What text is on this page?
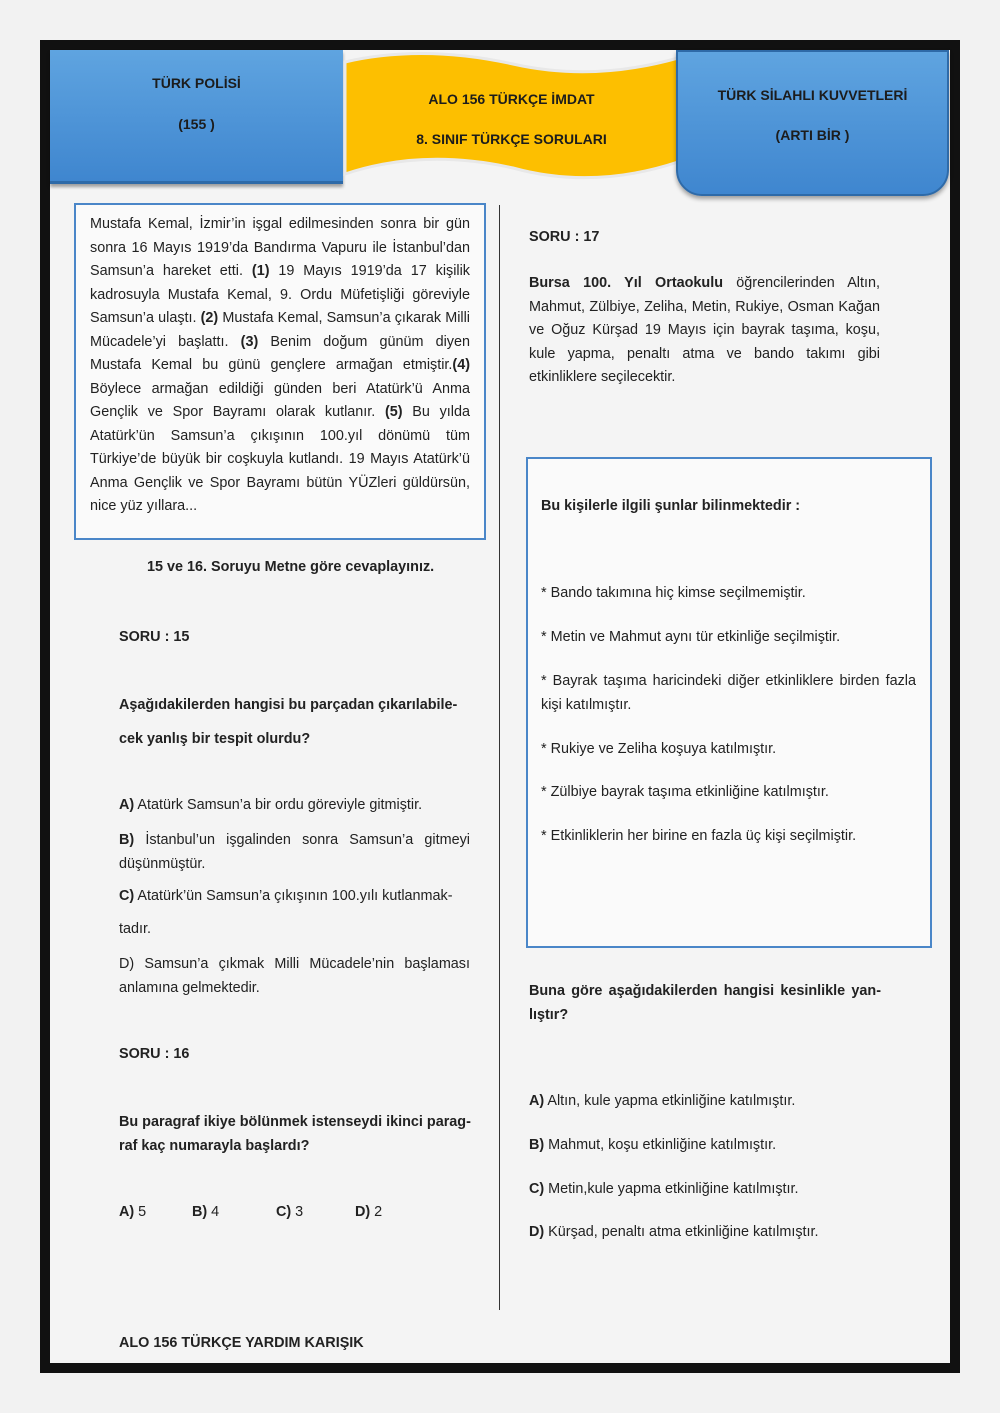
TÜRK POLİSİ
(155 )
ALO 156 TÜRKÇE İMDAT
8. SINIF TÜRKÇE SORULARI
TÜRK SİLAHLI KUVVETLERİ
(ARTI BİR )
Mustafa Kemal, İzmir’in işgal edilmesinden sonra bir gün sonra 16 Mayıs 1919’da Bandırma Vapuru ile İstanbul’dan Samsun’a hareket etti. (1) 19 Mayıs 1919’da 17 kişilik kadrosuyla Mustafa Kemal, 9. Ordu Müfetişliği göreviyle Samsun’a ulaştı. (2) Mustafa Kemal, Samsun’a çıkarak Milli Mücadele’yi başlattı. (3) Benim doğum günüm diyen Mustafa Kemal bu günü gençlere armağan etmiştir.(4) Böylece armağan edildiği günden beri Atatürk’ü Anma Gençlik ve Spor Bayramı olarak kutlanır. (5) Bu yılda Atatürk’ün Samsun’a çıkışının 100.yıl dönümü tüm Türkiye’de büyük bir coşkuyla kutlandı. 19 Mayıs Atatürk’ü Anma Gençlik ve Spor Bayramı bütün YÜZleri güldürsün, nice yüz yıllara...
15 ve 16. Soruyu Metne göre cevaplayınız.
SORU : 15
Aşağıdakilerden hangisi bu parçadan çıkarılabile-
cek yanlış bir tespit olurdu?
A) Atatürk Samsun’a bir ordu göreviyle gitmiştir.
B) İstanbul’un işgalinden sonra Samsun’a gitmeyi düşünmüştür.
C) Atatürk’ün Samsun’a çıkışının 100.yılı kutlanmak-
tadır.
D) Samsun’a çıkmak Milli Mücadele’nin başlaması anlamına gelmektedir.
SORU : 16
Bu paragraf ikiye bölünmek istenseydi ikinci parag-raf kaç numarayla başlardı?
A) 5	B) 4	C) 3	D) 2
SORU : 17
Bursa 100. Yıl Ortaokulu öğrencilerinden Altın, Mahmut, Zülbiye, Zeliha, Metin, Rukiye, Osman Kağan ve Oğuz Kürşad 19 Mayıs için bayrak taşıma, koşu, kule yapma, penaltı atma ve bando takımı gibi etkinliklere seçilecektir.
Bu kişilerle ilgili şunlar bilinmektedir :
* Bando takımına hiç kimse seçilmemiştir.
* Metin ve Mahmut aynı tür etkinliğe seçilmiştir.
* Bayrak taşıma haricindeki diğer etkinliklere birden fazla kişi katılmıştır.
* Rukiye ve Zeliha koşuya katılmıştır.
* Zülbiye bayrak taşıma etkinliğine katılmıştır.
* Etkinliklerin her birine en fazla üç kişi seçilmiştir.
Buna göre aşağıdakilerden hangisi kesinlikle yan-lıştır?
A) Altın, kule yapma etkinliğine katılmıştır.
B) Mahmut, koşu etkinliğine katılmıştır.
C) Metin,kule yapma etkinliğine katılmıştır.
D) Kürşad, penaltı atma etkinliğine katılmıştır.
ALO 156 TÜRKÇE YARDIM KARIŞIK
